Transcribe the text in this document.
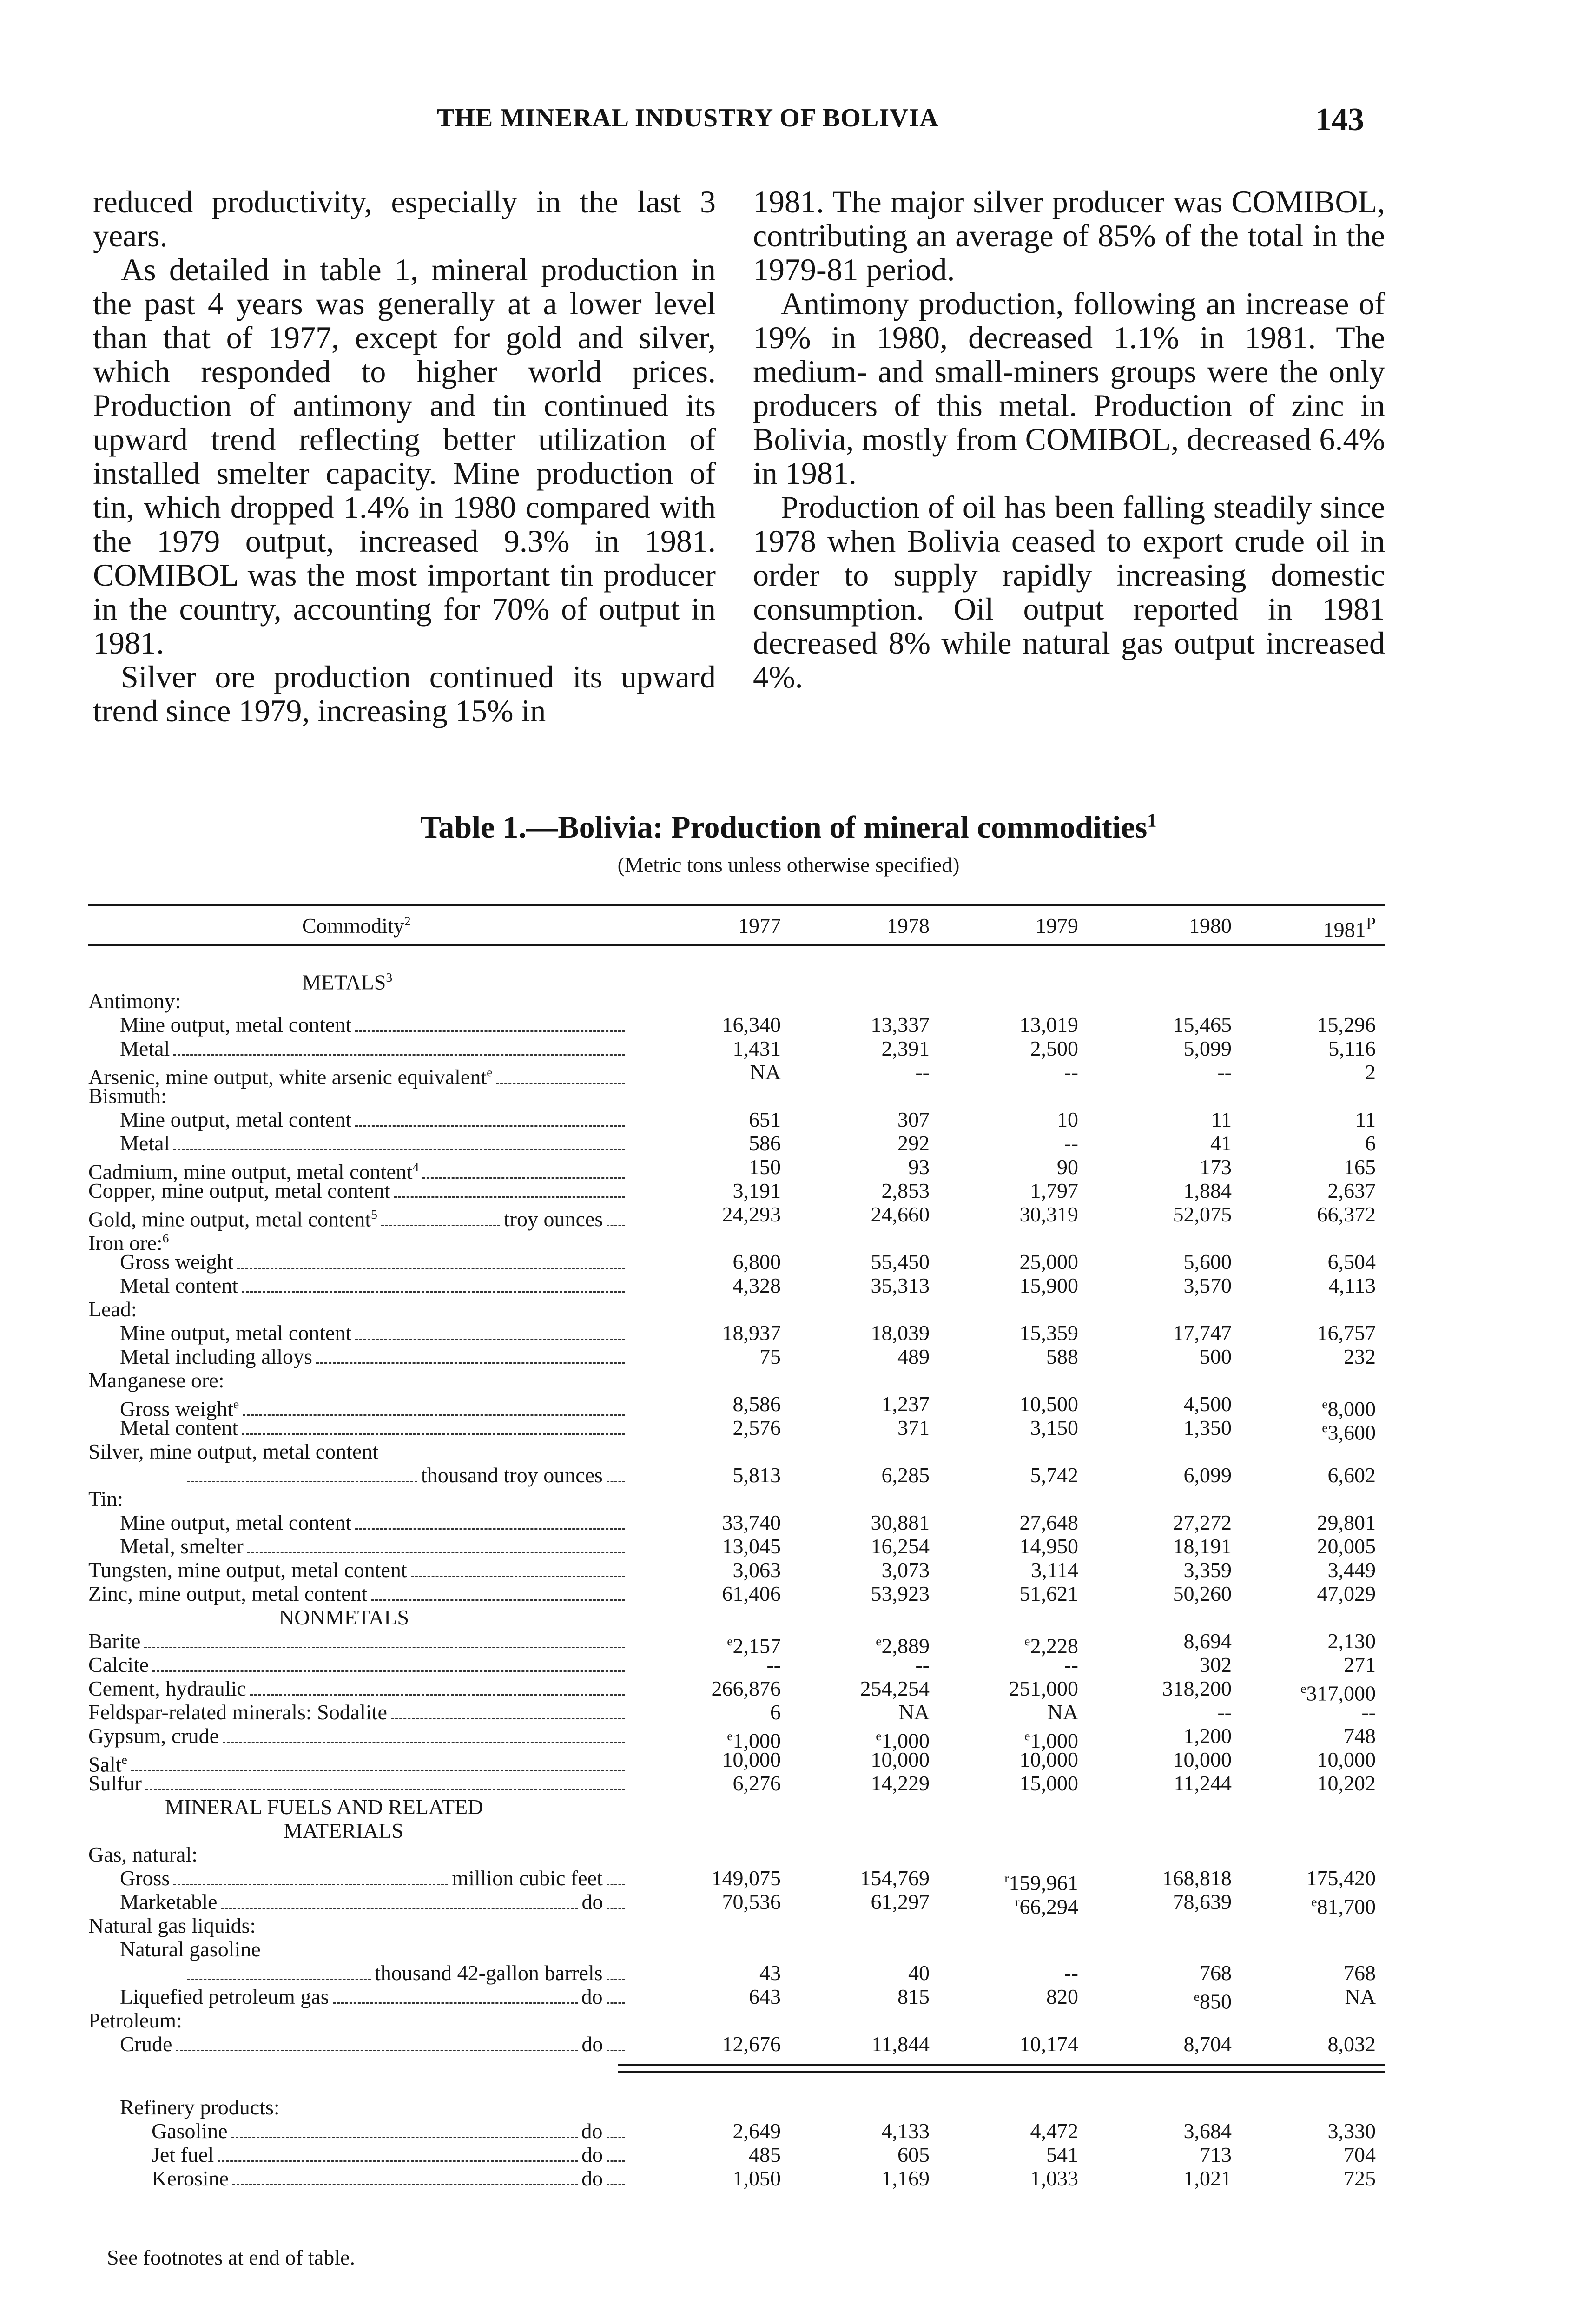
THE MINERAL INDUSTRY OF BOLIVIA	143

reduced productivity, especially in the last 3 years.

As detailed in table 1, mineral production in the past 4 years was generally at a lower level than that of 1977, except for gold and silver, which responded to higher world prices. Production of antimony and tin continued its upward trend reflecting better utilization of installed smelter capacity. Mine production of tin, which dropped 1.4% in 1980 compared with the 1979 output, increased 9.3% in 1981. COMIBOL was the most important tin producer in the country, accounting for 70% of output in 1981.

Silver ore production continued its upward trend since 1979, increasing 15% in

1981. The major silver producer was COMIBOL, contributing an average of 85% of the total in the 1979-81 period.

Antimony production, following an increase of 19% in 1980, decreased 1.1% in 1981. The medium- and small-miners groups were the only producers of this metal. Production of zinc in Bolivia, mostly from COMIBOL, decreased 6.4% in 1981.

Production of oil has been falling steadily since 1978 when Bolivia ceased to export crude oil in order to supply rapidly increasing domestic consumption. Oil output reported in 1981 decreased 8% while natural gas output increased 4%.

Table 1.—Bolivia: Production of mineral commodities$^1$
(Metric tons unless otherwise specified)
Commodity$^2$	1977	1978	1979	1980	$1981^P$
METALS$^3$
Antimony:
Mine output, metal content	16,340	13,337	13,019	15,465	15,296
Metal	1,431	2,391	2,500	5,099	5,116
Arsenic, mine output, white arsenic equivalent$^e$	NA	--	--	--	2
Bismuth:
Mine output, metal content	651	307	10	11	11
Metal	586	292	--	41	6
Cadmium, mine output, metal content$^4$	150	93	90	173	165
Copper, mine output, metal content	3,191	2,853	1,797	1,884	2,637
Gold, mine output, metal content$^5$	troy ounces	24,293	24,660	30,319	52,075	66,372
Iron ore:$^6$
Gross weight	6,800	55,450	25,000	5,600	6,504
Metal content	4,328	35,313	15,900	3,570	4,113
Lead:
Mine output, metal content	18,937	18,039	15,359	17,747	16,757
Metal including alloys	75	489	588	500	232
Manganese ore:
Gross weight$^e$	8,586	1,237	10,500	4,500	$^e$8,000
Metal content	2,576	371	3,150	1,350	$^e$3,600
Silver, mine output, metal content
thousand troy ounces	5,813	6,285	5,742	6,099	6,602
Tin:
Mine output, metal content	33,740	30,881	27,648	27,272	29,801
Metal, smelter	13,045	16,254	14,950	18,191	20,005
Tungsten, mine output, metal content	3,063	3,073	3,114	3,359	3,449
Zinc, mine output, metal content	61,406	53,923	51,621	50,260	47,029
NONMETALS
Barite	$^e$2,157	$^e$2,889	$^e$2,228	8,694	2,130
Calcite	--	--	--	302	271
Cement, hydraulic	266,876	254,254	251,000	318,200	$^e$317,000
Feldspar-related minerals: Sodalite	6	NA	NA	--	--
Gypsum, crude	$^e$1,000	$^e$1,000	$^e$1,000	1,200	748
Salt$^e$	10,000	10,000	10,000	10,000	10,000
Sulfur	6,276	14,229	15,000	11,244	10,202
MINERAL FUELS AND RELATED
MATERIALS
Gas, natural:
Gross	million cubic feet	149,075	154,769	$^r$159,961	168,818	175,420
Marketable	do	70,536	61,297	$^r$66,294	78,639	$^e$81,700
Natural gas liquids:
Natural gasoline
thousand 42-gallon barrels	43	40	--	768	768
Liquefied petroleum gas	do	643	815	820	$^e$850	NA
Petroleum:
Crude	do	12,676	11,844	10,174	8,704	8,032
Refinery products:
Gasoline	do	2,649	4,133	4,472	3,684	3,330
Jet fuel	do	485	605	541	713	704
Kerosine	do	1,050	1,169	1,033	1,021	725
See footnotes at end of table.
